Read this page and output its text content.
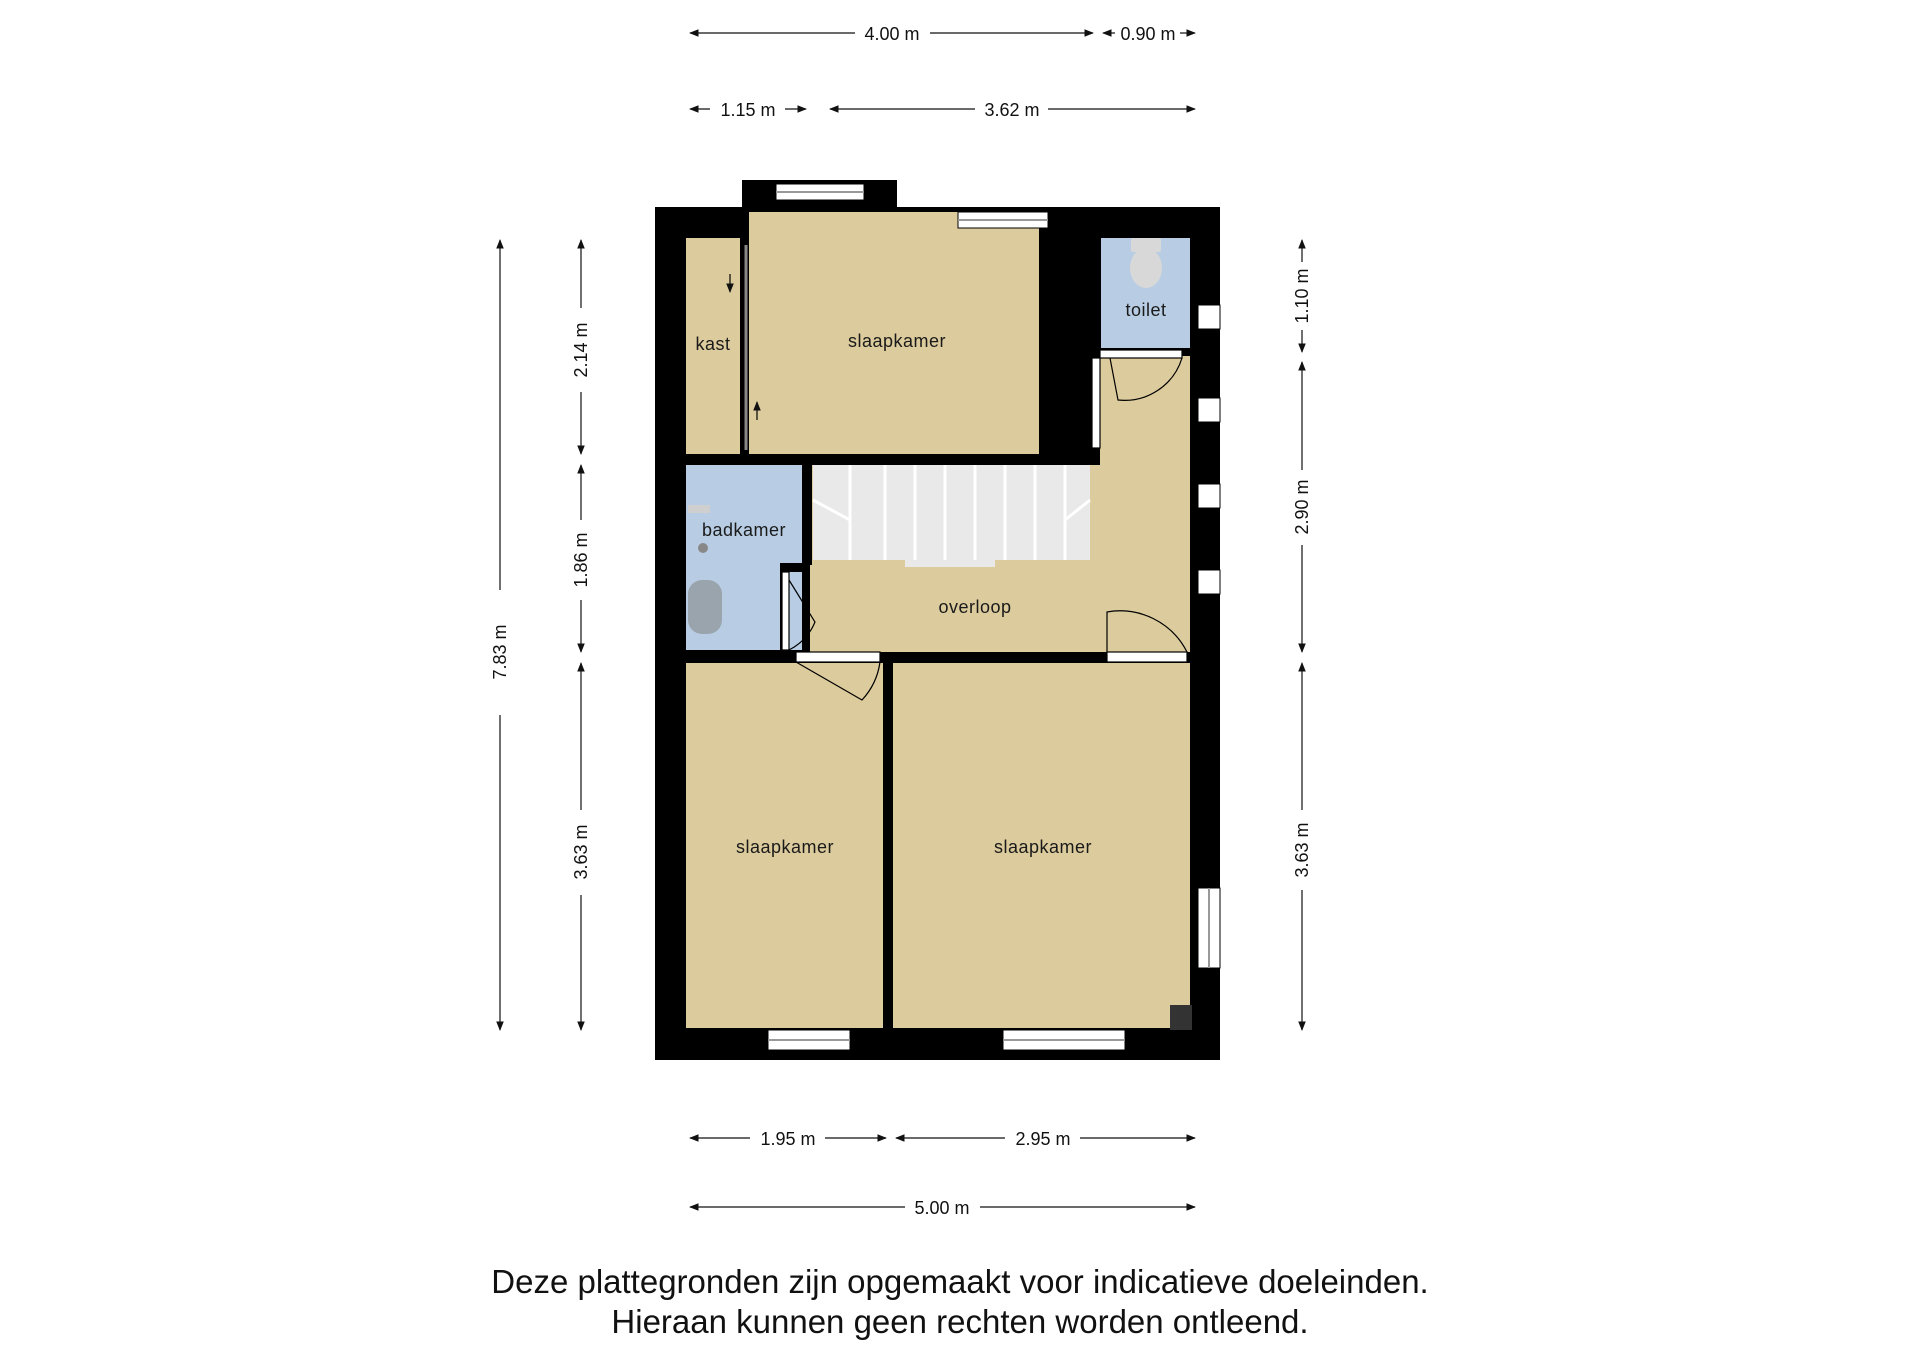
kast	slaapkamer
toilet
badkamer
overloop
slaapkamer	slaapkamer
4.00 m	0.90 m
1.15 m	3.62 m
7.83 m
2.14 m
1.86 m
3.63 m
1.10 m
2.90 m
3.63 m
1.95 m	2.95 m
5.00 m
Deze plattegronden zijn opgemaakt voor indicatieve doeleinden.
Hieraan kunnen geen rechten worden ontleend.
